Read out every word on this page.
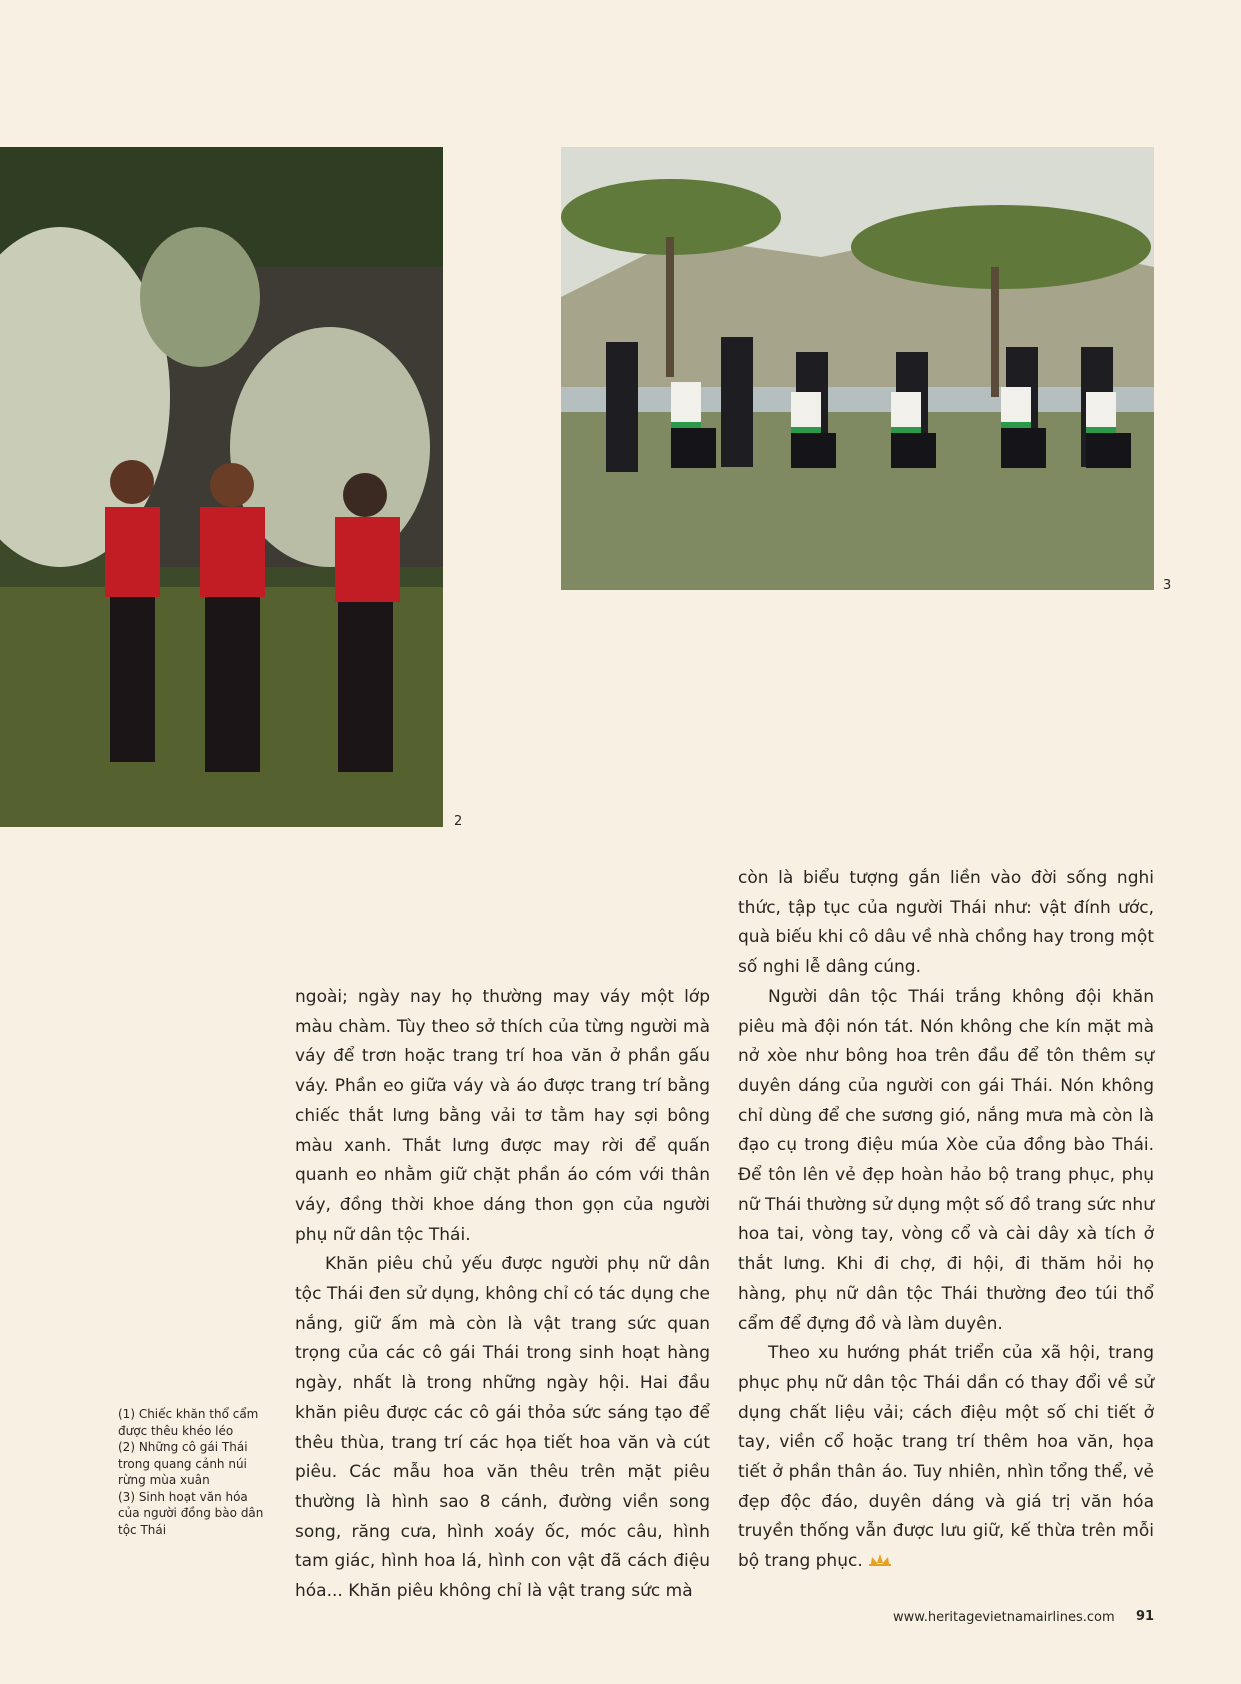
2
3
(1) Chiếc khăn thổ cẩm được thêu khéo léo
(2) Những cô gái Thái trong quang cảnh núi rừng mùa xuân
(3) Sinh hoạt văn hóa của người đồng bào dân tộc Thái

ngoài; ngày nay họ thường may váy một lớp màu chàm. Tùy theo sở thích của từng người mà váy để trơn hoặc trang trí hoa văn ở phần gấu váy. Phần eo giữa váy và áo được trang trí bằng chiếc thắt lưng bằng vải tơ tằm hay sợi bông màu xanh. Thắt lưng được may rời để quấn quanh eo nhằm giữ chặt phần áo cóm với thân váy, đồng thời khoe dáng thon gọn của người phụ nữ dân tộc Thái.

Khăn piêu chủ yếu được người phụ nữ dân tộc Thái đen sử dụng, không chỉ có tác dụng che nắng, giữ ấm mà còn là vật trang sức quan trọng của các cô gái Thái trong sinh hoạt hàng ngày, nhất là trong những ngày hội. Hai đầu khăn piêu được các cô gái thỏa sức sáng tạo để thêu thùa, trang trí các họa tiết hoa văn và cút piêu. Các mẫu hoa văn thêu trên mặt piêu thường là hình sao 8 cánh, đường viền song song, răng cưa, hình xoáy ốc, móc câu, hình tam giác, hình hoa lá, hình con vật đã cách điệu hóa... Khăn piêu không chỉ là vật trang sức mà

còn là biểu tượng gắn liền vào đời sống nghi thức, tập tục của người Thái như: vật đính ước, quà biếu khi cô dâu về nhà chồng hay trong một số nghi lễ dâng cúng.

Người dân tộc Thái trắng không đội khăn piêu mà đội nón tát. Nón không che kín mặt mà nở xòe như bông hoa trên đầu để tôn thêm sự duyên dáng của người con gái Thái. Nón không chỉ dùng để che sương gió, nắng mưa mà còn là đạo cụ trong điệu múa Xòe của đồng bào Thái. Để tôn lên vẻ đẹp hoàn hảo bộ trang phục, phụ nữ Thái thường sử dụng một số đồ trang sức như hoa tai, vòng tay, vòng cổ và cài dây xà tích ở thắt lưng. Khi đi chợ, đi hội, đi thăm hỏi họ hàng, phụ nữ dân tộc Thái thường đeo túi thổ cẩm để đựng đồ và làm duyên.

Theo xu hướng phát triển của xã hội, trang phục phụ nữ dân tộc Thái dần có thay đổi về sử dụng chất liệu vải; cách điệu một số chi tiết ở tay, viền cổ hoặc trang trí thêm hoa văn, họa tiết ở phần thân áo. Tuy nhiên, nhìn tổng thể, vẻ đẹp độc đáo, duyên dáng và giá trị văn hóa truyền thống vẫn được lưu giữ, kế thừa trên mỗi bộ trang phục.

www.heritagevietnamairlines.com 91
